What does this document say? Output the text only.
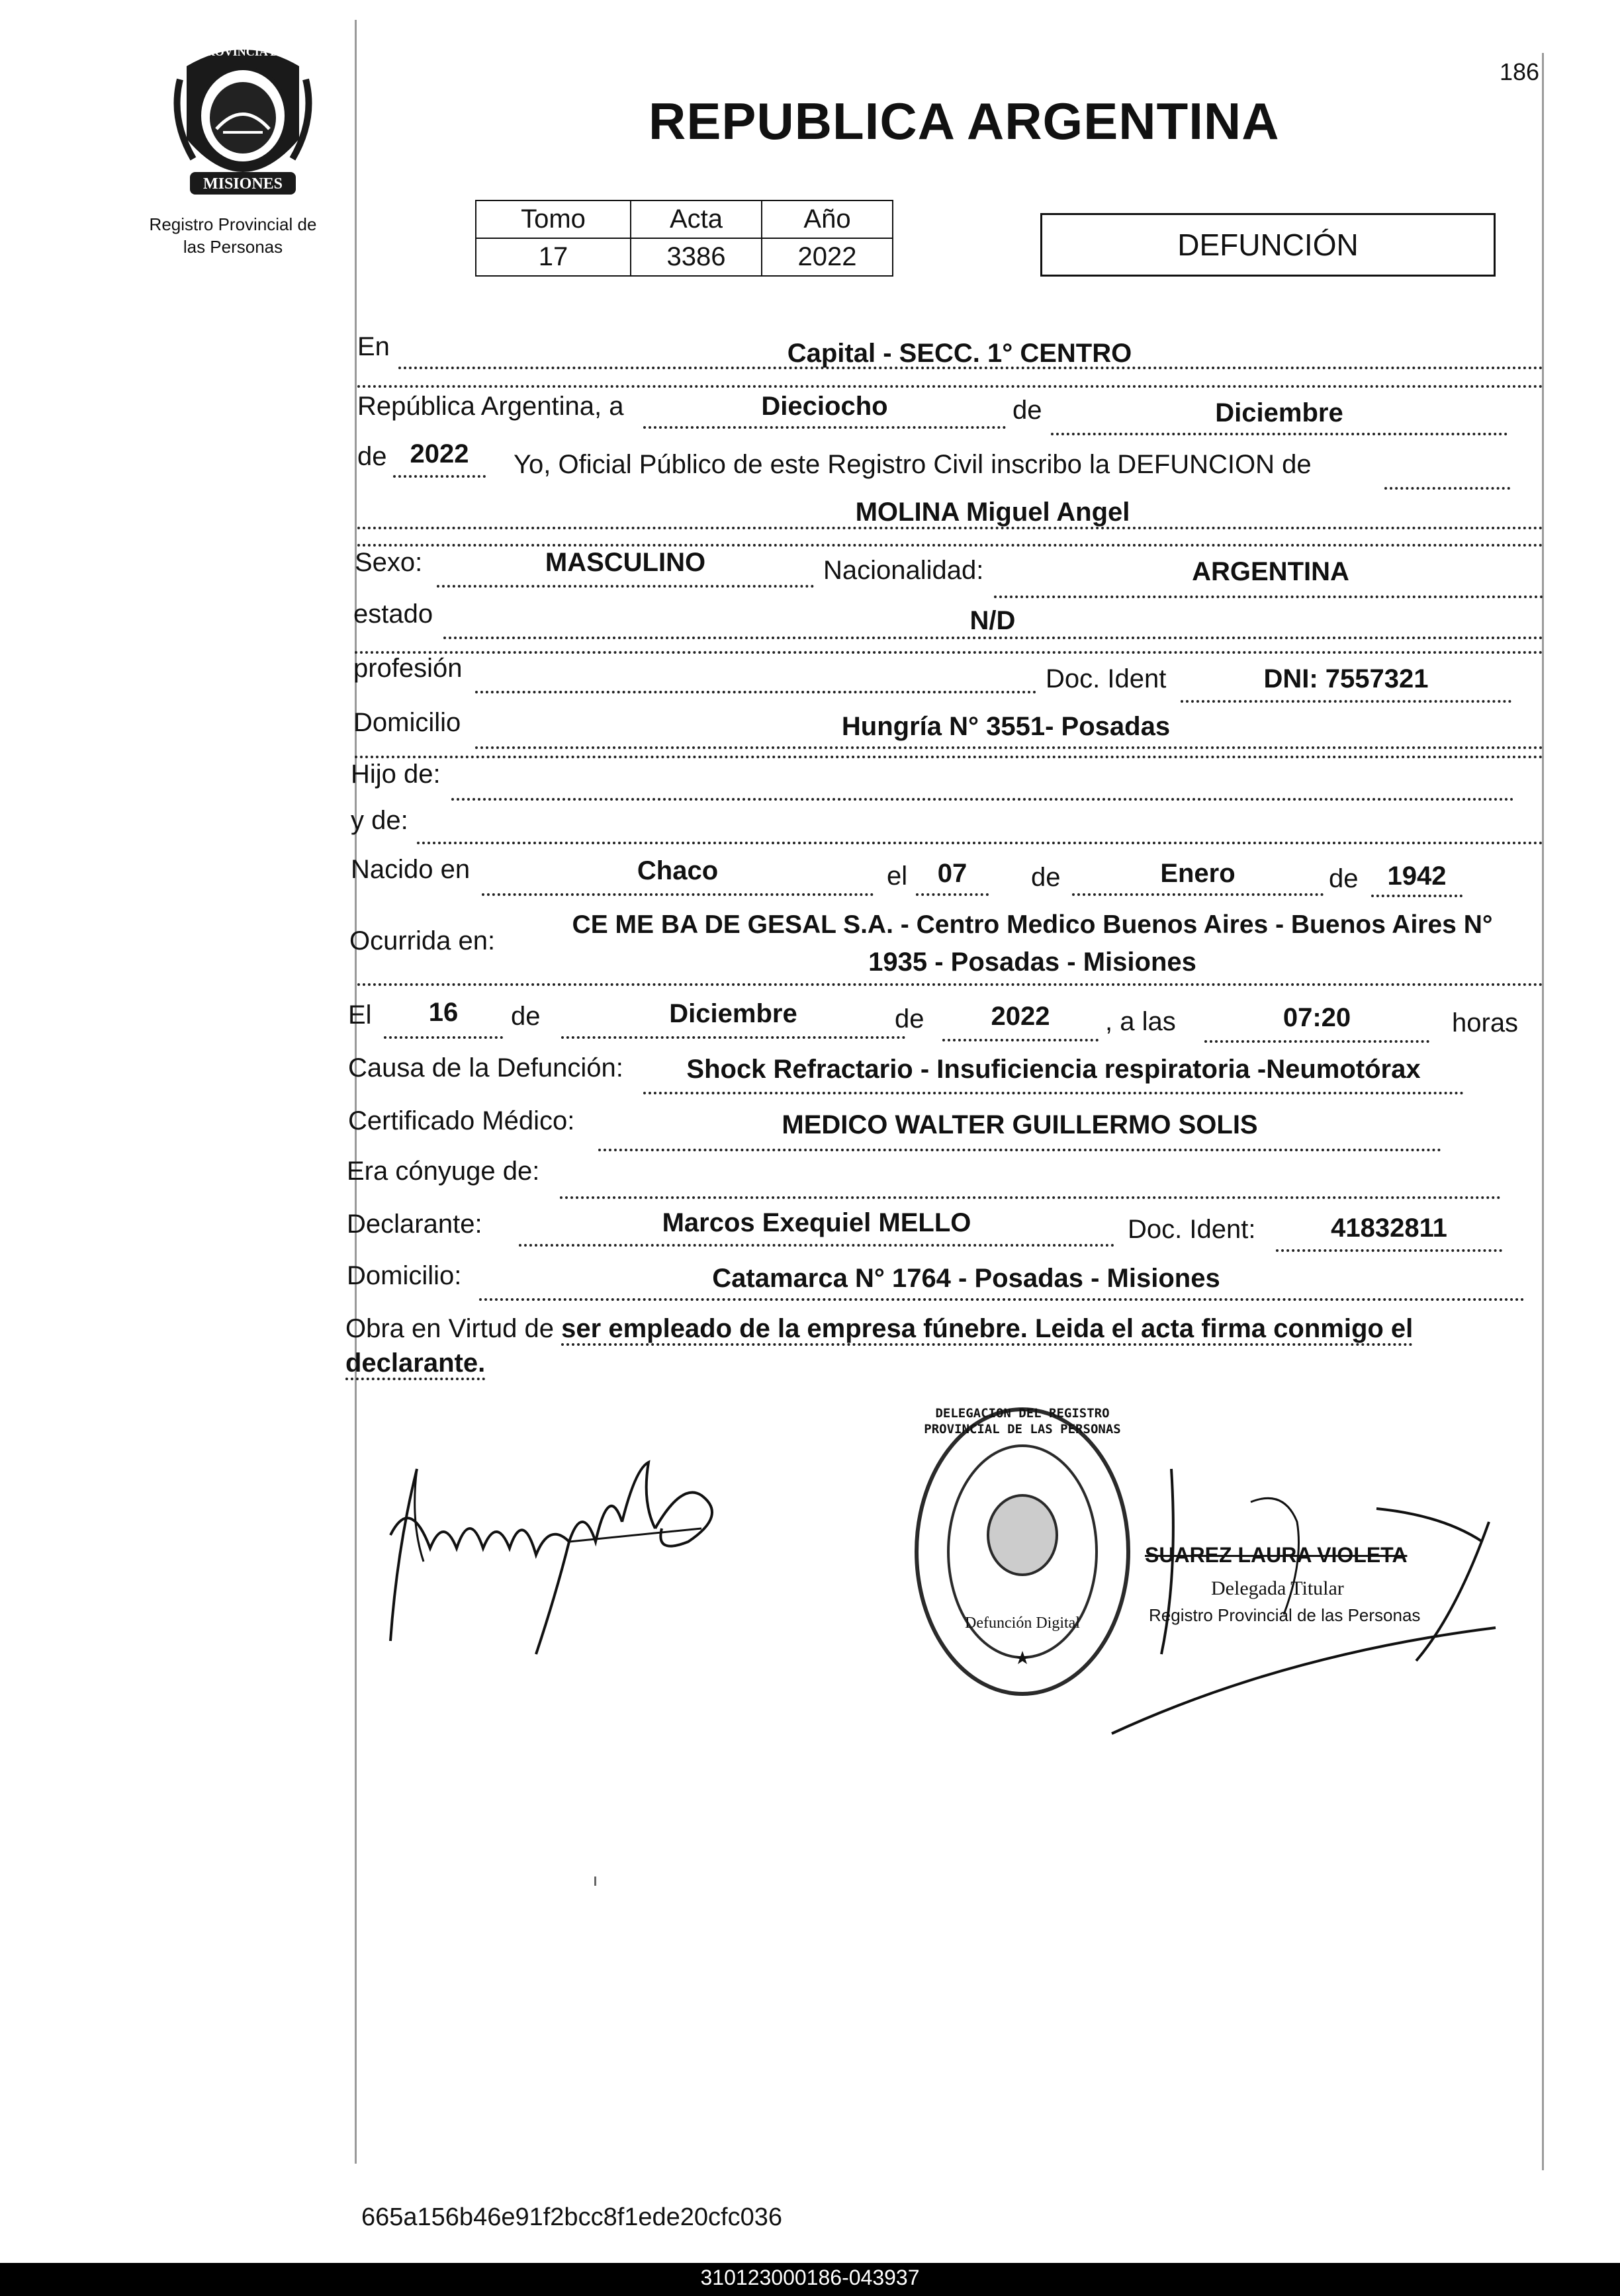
186
PROVINCIA DE
MISIONES
Registro Provincial de
las Personas
REPUBLICA ARGENTINA
Tomo	Acta	Año
17	3386	2022	DEFUNCIÓN
En	Capital - SECC. 1° CENTRO
República Argentina, a	Dieciocho	de	Diciembre
de 2022	Yo, Oficial Público de este Registro Civil inscribo la DEFUNCION de
MOLINA Miguel Angel
Sexo:	MASCULINO	Nacionalidad:	ARGENTINA
estado	N/D
profesión	Doc. Ident	DNI: 7557321
Domicilio	Hungría N° 3551- Posadas
Hijo de:
y de:
Nacido en	Chaco	el	07	de	Enero	de	1942
Ocurrida en:
CE ME BA DE GESAL S.A. - Centro Medico Buenos Aires - Buenos Aires N°
1935 - Posadas - Misiones
El	16	de	Diciembre	de	2022	, a las	07:20	horas
Causa de la Defunción:	Shock Refractario - Insuficiencia respiratoria -Neumotórax
Certificado Médico:	MEDICO WALTER GUILLERMO SOLIS
Era cónyuge de:
Declarante:	Marcos Exequiel MELLO	Doc. Ident:	41832811
Domicilio:	Catamarca N° 1764 - Posadas - Misiones
Obra en Virtud de ser empleado de la empresa fúnebre. Leida el acta firma conmigo el declarante.
DELEGACION DEL REGISTRO PROVINCIAL DE LAS PERSONAS
Defunción Digital
SUAREZ LAURA VIOLETA
Delegada Titular
Registro Provincial de las Personas
665a156b46e91f2bcc8f1ede20cfc036
310123000186-043937
